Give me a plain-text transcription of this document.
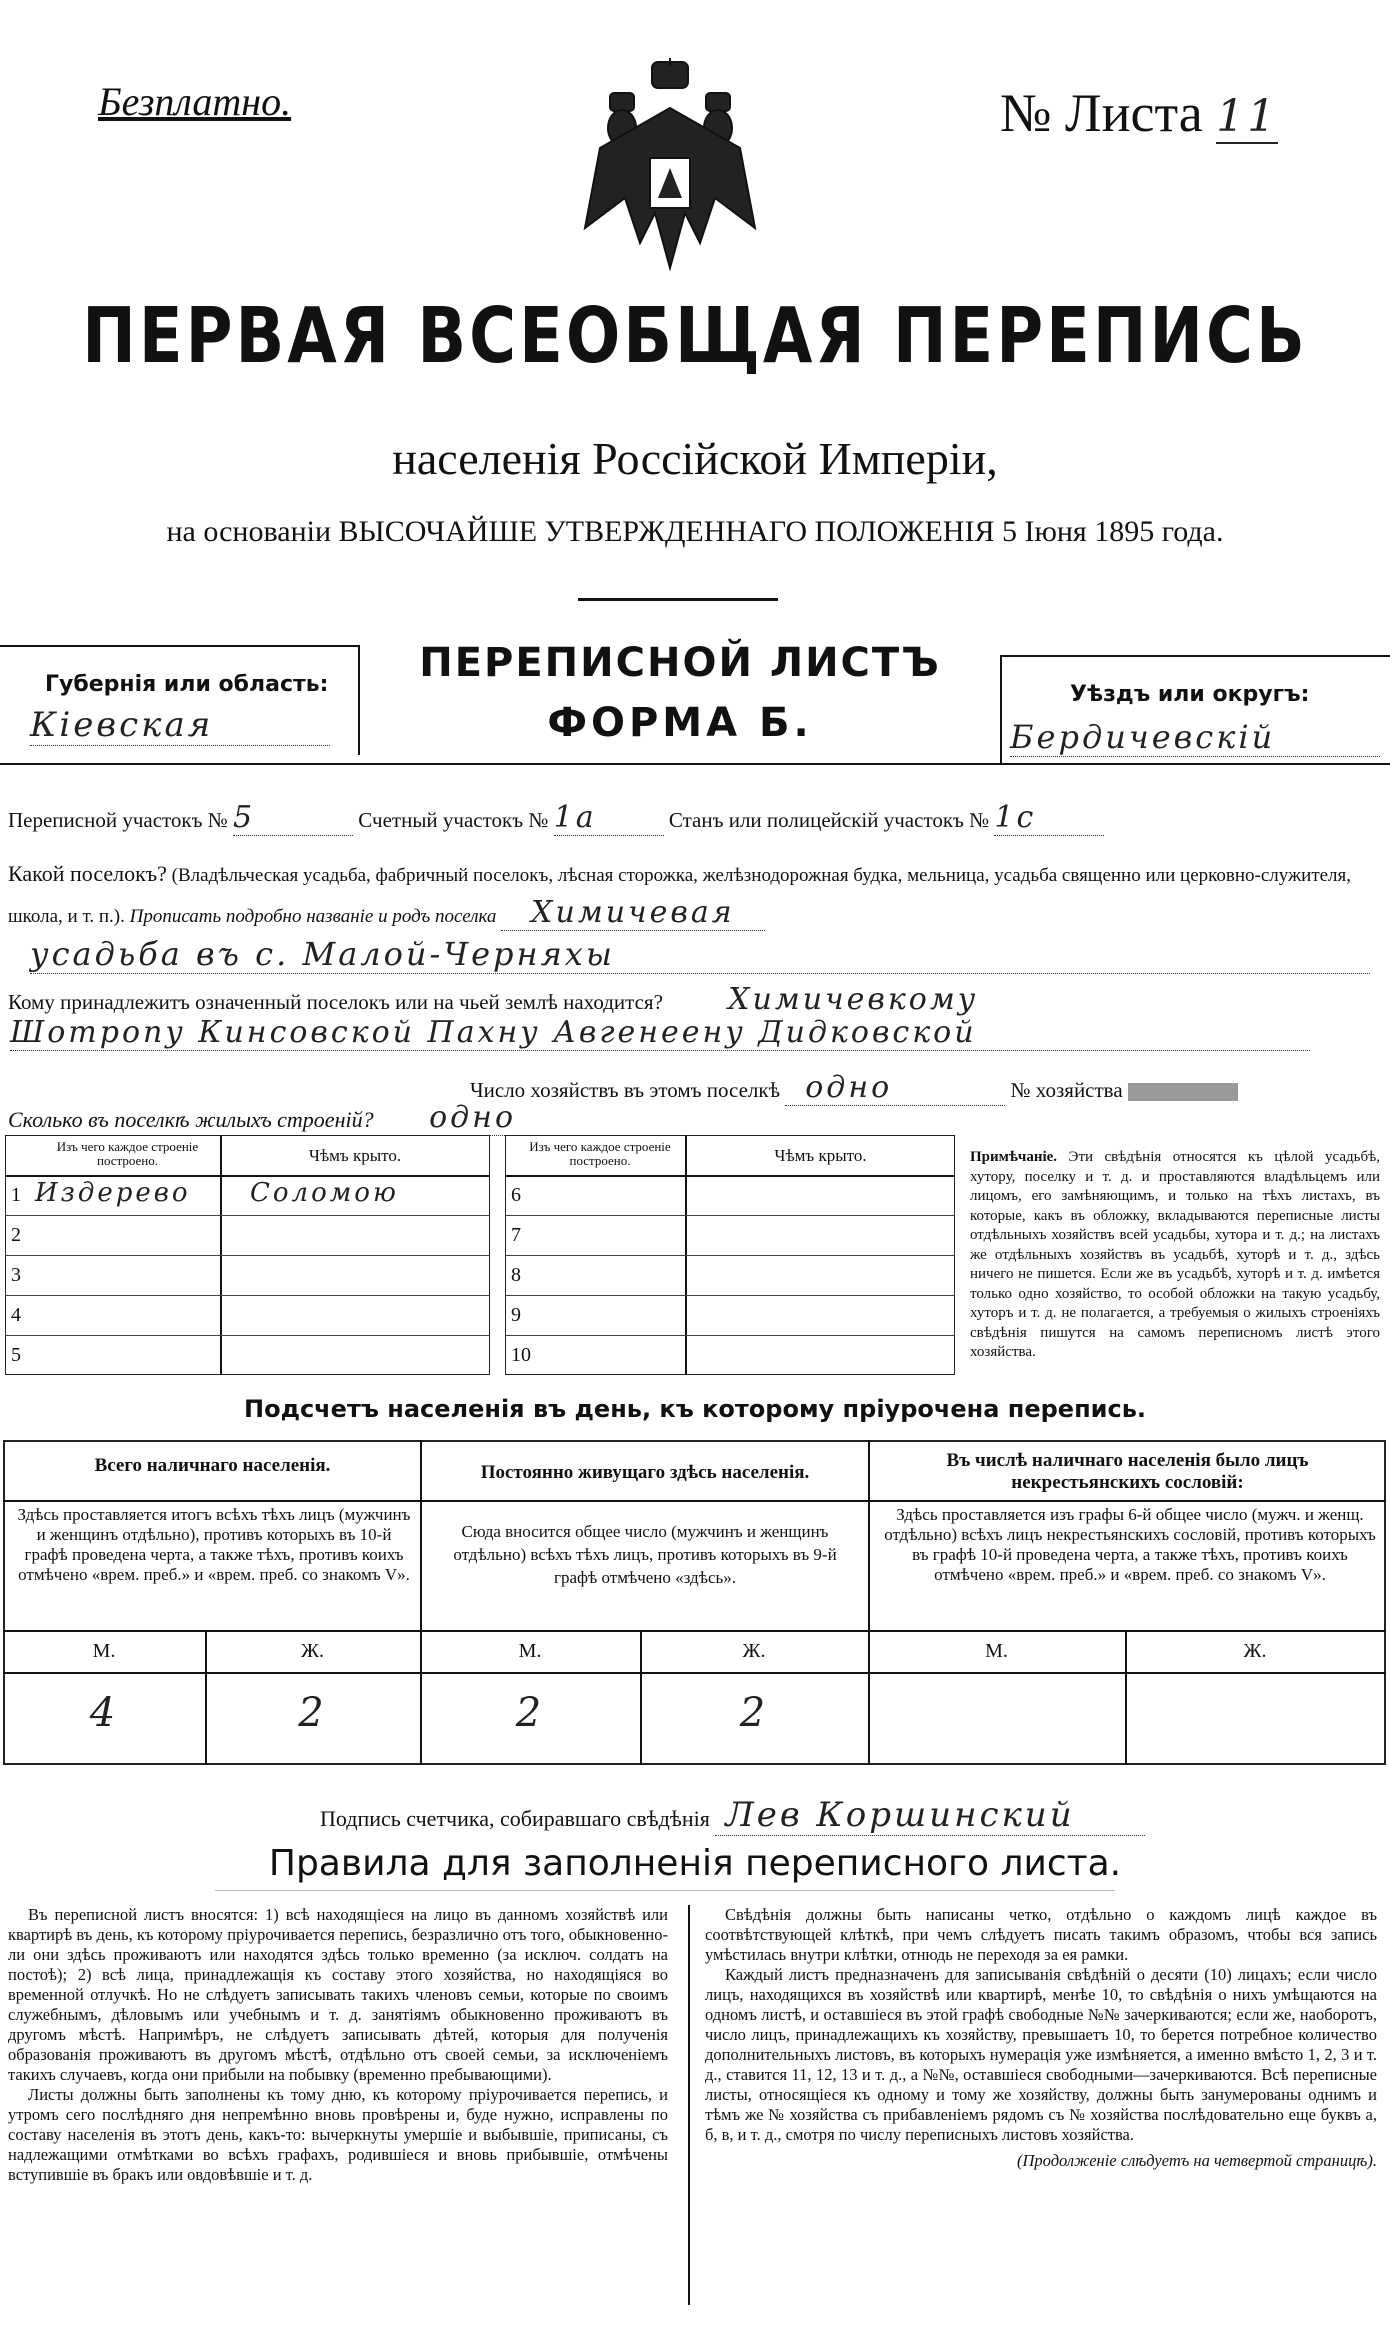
Безплатно.	№ Листа 11
ПЕРВАЯ ВСЕОБЩАЯ ПЕРЕПИСЬ
населенія Россійской Имперіи,
на основаніи ВЫСОЧАЙШЕ УТВЕРЖДЕННАГО ПОЛОЖЕНІЯ 5 Іюня 1895 года.
Губернія или область:
Кіевская
ПЕРЕПИСНОЙ ЛИСТЪ
ФОРМА Б.
Уѣздъ или округъ:
Бердичевскій
Переписной участокъ № 5	Счетный участокъ № 1а	Станъ или полицейскій участокъ № 1с
Какой поселокъ? (Владѣльческая усадьба, фабричный поселокъ, лѣсная сторожка, желѣзнодорожная будка, мельница, усадьба священно или церковно-служителя, школа, и т. п.). Прописать подробно названіе и родъ поселка Химичевая
усадьба въ с. Малой-Черняхы
Кому принадлежитъ означенный поселокъ или на чьей землѣ находится? Химичевкому
Шотропу Кинсовской Пахну Авгенеену Дидковской
Число хозяйствъ въ этомъ поселкѣ одно	№ хозяйства
Сколько въ поселкѣ жилыхъ строеній? одно
Изъ чего каждое строеніе построено.	Чѣмъ крыто.
1 Издерево Соломою
2
3
4
5
Изъ чего каждое строеніе построено.	Чѣмъ крыто.
6
7
8
9
10
Примѣчаніе. Эти свѣдѣнія относятся къ цѣлой усадьбѣ, хутору, поселку и т. д. и проставляются владѣльцемъ или лицомъ, его замѣняющимъ, и только на тѣхъ листахъ, въ которые, какъ въ обложку, вкладываются переписные листы отдѣльныхъ хозяйствъ всей усадьбы, хутора и т. д.; на листахъ же отдѣльныхъ хозяйствъ въ усадьбѣ, хуторѣ и т. д., здѣсь ничего не пишется. Если же въ усадьбѣ, хуторѣ и т. д. имѣется только одно хозяйство, то особой обложки на такую усадьбу, хуторъ и т. д. не полагается, а требуемыя о жилыхъ строеніяхъ свѣдѣнія пишутся на самомъ переписномъ листѣ этого хозяйства.
Подсчетъ населенія въ день, къ которому пріурочена перепись.
Всего наличнаго населенія.
Здѣсь проставляется итогъ всѣхъ тѣхъ лицъ (мужчинъ и женщинъ отдѣльно), противъ которыхъ въ 10-й графѣ проведена черта, а также тѣхъ, противъ коихъ отмѣчено «врем. преб.» и «врем. преб. со знакомъ V».
Постоянно живущаго здѣсь населенія.
Сюда вносится общее число (мужчинъ и женщинъ отдѣльно) всѣхъ тѣхъ лицъ, противъ которыхъ въ 9-й графѣ отмѣчено «здѣсь».
Въ числѣ наличнаго населенія было лицъ некрестьянскихъ сословій:
Здѣсь проставляется изъ графы 6-й общее число (мужч. и женщ. отдѣльно) всѣхъ лицъ некрестьянскихъ сословій, противъ которыхъ въ графѣ 10-й проведена черта, а также тѣхъ, противъ коихъ отмѣчено «врем. преб.» и «врем. преб. со знакомъ V».
М.	Ж.	М.	Ж.	М.	Ж.
4	2	2	2
Подпись счетчика, собиравшаго свѣдѣнія Лев Коршинский
Правила для заполненія переписного листа.
Въ переписной листъ вносятся: 1) всѣ находящіеся на лицо въ данномъ хозяйствѣ или квартирѣ въ день, къ которому пріурочивается перепись, безразлично отъ того, обыкновенно-ли они здѣсь проживаютъ или находятся здѣсь только временно (за исключ. солдатъ на постоѣ); 2) всѣ лица, принадлежащія къ составу этого хозяйства, но находящіяся во временной отлучкѣ. Но не слѣдуетъ записывать такихъ членовъ семьи, которые по своимъ служебнымъ, дѣловымъ или учебнымъ и т. д. занятіямъ обыкновенно проживаютъ въ другомъ мѣстѣ. Напримѣръ, не слѣдуетъ записывать дѣтей, которыя для полученія образованія проживаютъ въ другомъ мѣстѣ, отдѣльно отъ своей семьи, за исключеніемъ такихъ случаевъ, когда они прибыли на побывку (временно пребывающими).
Листы должны быть заполнены къ тому дню, къ которому пріурочивается перепись, и утромъ сего послѣдняго дня непремѣнно вновь провѣрены и, буде нужно, исправлены по составу населенія въ этотъ день, какъ-то: вычеркнуты умершіе и выбывшіе, приписаны, съ надлежащими отмѣтками во всѣхъ графахъ, родившіеся и вновь прибывшіе, отмѣчены вступившіе въ бракъ или овдовѣвшіе и т. д.
Свѣдѣнія должны быть написаны четко, отдѣльно о каждомъ лицѣ каждое въ соотвѣтствующей клѣткѣ, при чемъ слѣдуетъ писать такимъ образомъ, чтобы вся запись умѣстилась внутри клѣтки, отнюдь не переходя за ея рамки.
Каждый листъ предназначенъ для записыванія свѣдѣній о десяти (10) лицахъ; если число лицъ, находящихся въ хозяйствѣ или квартирѣ, менѣе 10, то свѣдѣнія о нихъ умѣщаются на одномъ листѣ, и оставшіеся въ этой графѣ свободные №№ зачеркиваются; если же, наоборотъ, число лицъ, принадлежащихъ къ хозяйству, превышаетъ 10, то берется потребное количество дополнительныхъ листовъ, въ которыхъ нумерація уже измѣняется, а именно вмѣсто 1, 2, 3 и т. д., ставится 11, 12, 13 и т. д., а №№, оставшіеся свободными—зачеркиваются. Всѣ переписные листы, относящіеся къ одному и тому же хозяйству, должны быть занумерованы однимъ и тѣмъ же № хозяйства съ прибавленіемъ рядомъ съ № хозяйства послѣдовательно еще буквъ а, б, в, и т. д., смотря по числу переписныхъ листовъ хозяйства.
(Продолженіе слѣдуетъ на четвертой страницѣ).
